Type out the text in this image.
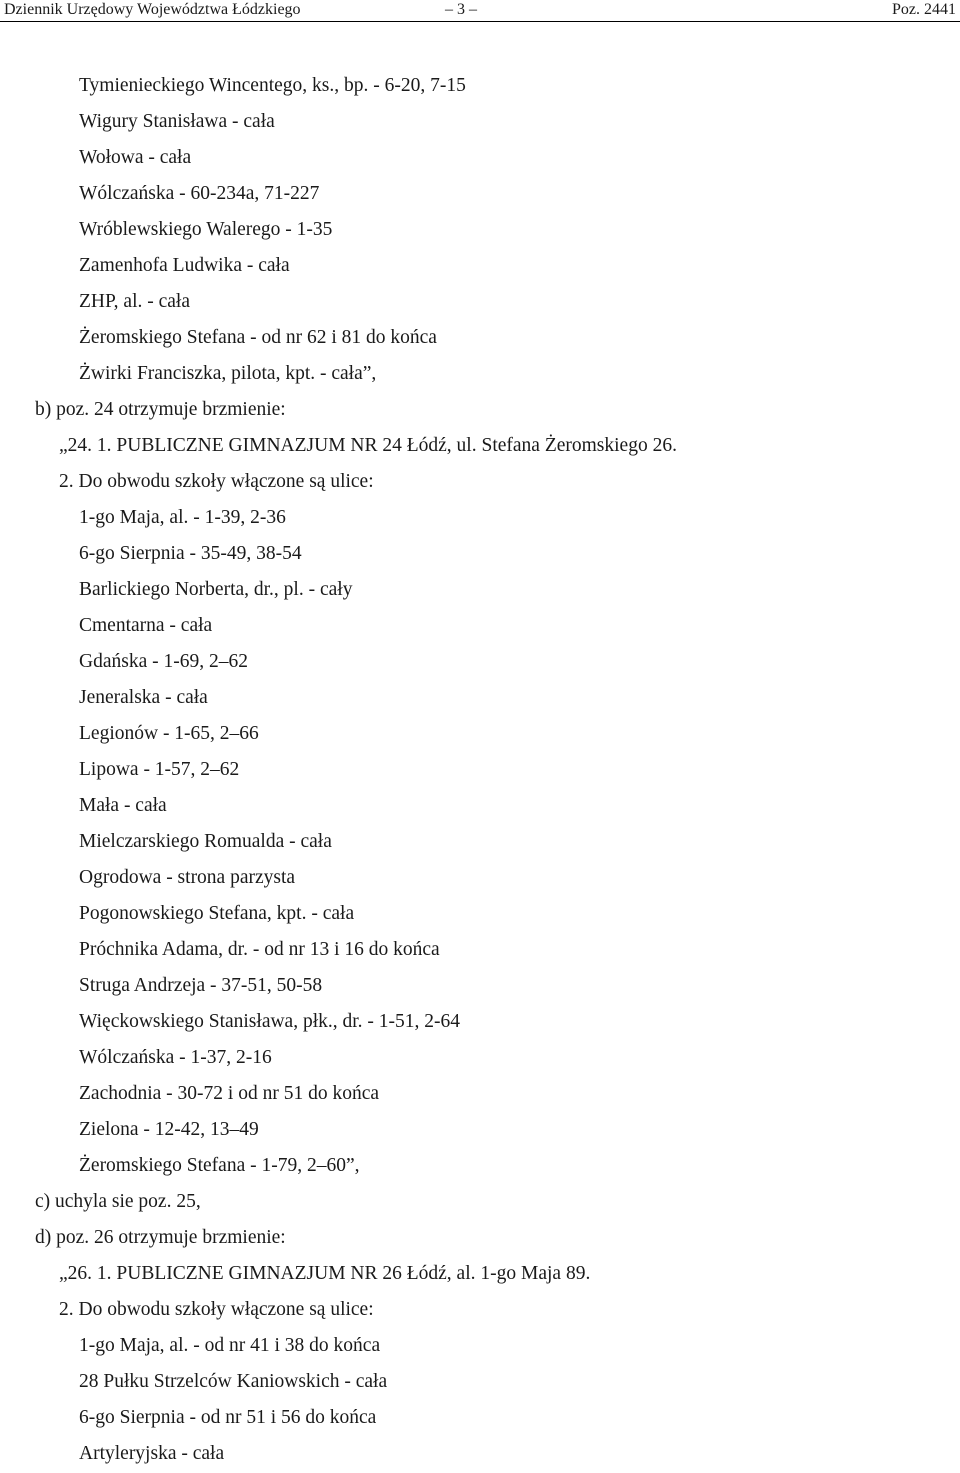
Dziennik Urzędowy Województwa Łódzkiego	– 3 –	Poz. 2441
Tymienieckiego Wincentego, ks., bp. - 6-20, 7-15
Wigury Stanisława - cała
Wołowa - cała
Wólczańska - 60-234a, 71-227
Wróblewskiego Walerego - 1-35
Zamenhofa Ludwika - cała
ZHP, al. - cała
Żeromskiego Stefana - od nr 62 i 81 do końca
Żwirki Franciszka, pilota, kpt. - cała”,
b) poz. 24 otrzymuje brzmienie:
„24. 1. PUBLICZNE GIMNAZJUM NR 24 Łódź, ul. Stefana Żeromskiego 26.
2. Do obwodu szkoły włączone są ulice:
1-go Maja, al. - 1-39, 2-36
6-go Sierpnia - 35-49, 38-54
Barlickiego Norberta, dr., pl. - cały
Cmentarna - cała
Gdańska - 1-69, 2–62
Jeneralska - cała
Legionów - 1-65, 2–66
Lipowa - 1-57, 2–62
Mała - cała
Mielczarskiego Romualda - cała
Ogrodowa - strona parzysta
Pogonowskiego Stefana, kpt. - cała
Próchnika Adama, dr. - od nr 13 i 16 do końca
Struga Andrzeja - 37-51, 50-58
Więckowskiego Stanisława, płk., dr. - 1-51, 2-64
Wólczańska - 1-37, 2-16
Zachodnia - 30-72 i od nr 51 do końca
Zielona - 12-42, 13–49
Żeromskiego Stefana - 1-79, 2–60”,
c) uchyla sie poz. 25,
d) poz. 26 otrzymuje brzmienie:
„26. 1. PUBLICZNE GIMNAZJUM NR 26 Łódź, al. 1-go Maja 89.
2. Do obwodu szkoły włączone są ulice:
1-go Maja, al. - od nr 41 i 38 do końca
28 Pułku Strzelców Kaniowskich - cała
6-go Sierpnia - od nr 51 i 56 do końca
Artyleryjska - cała
